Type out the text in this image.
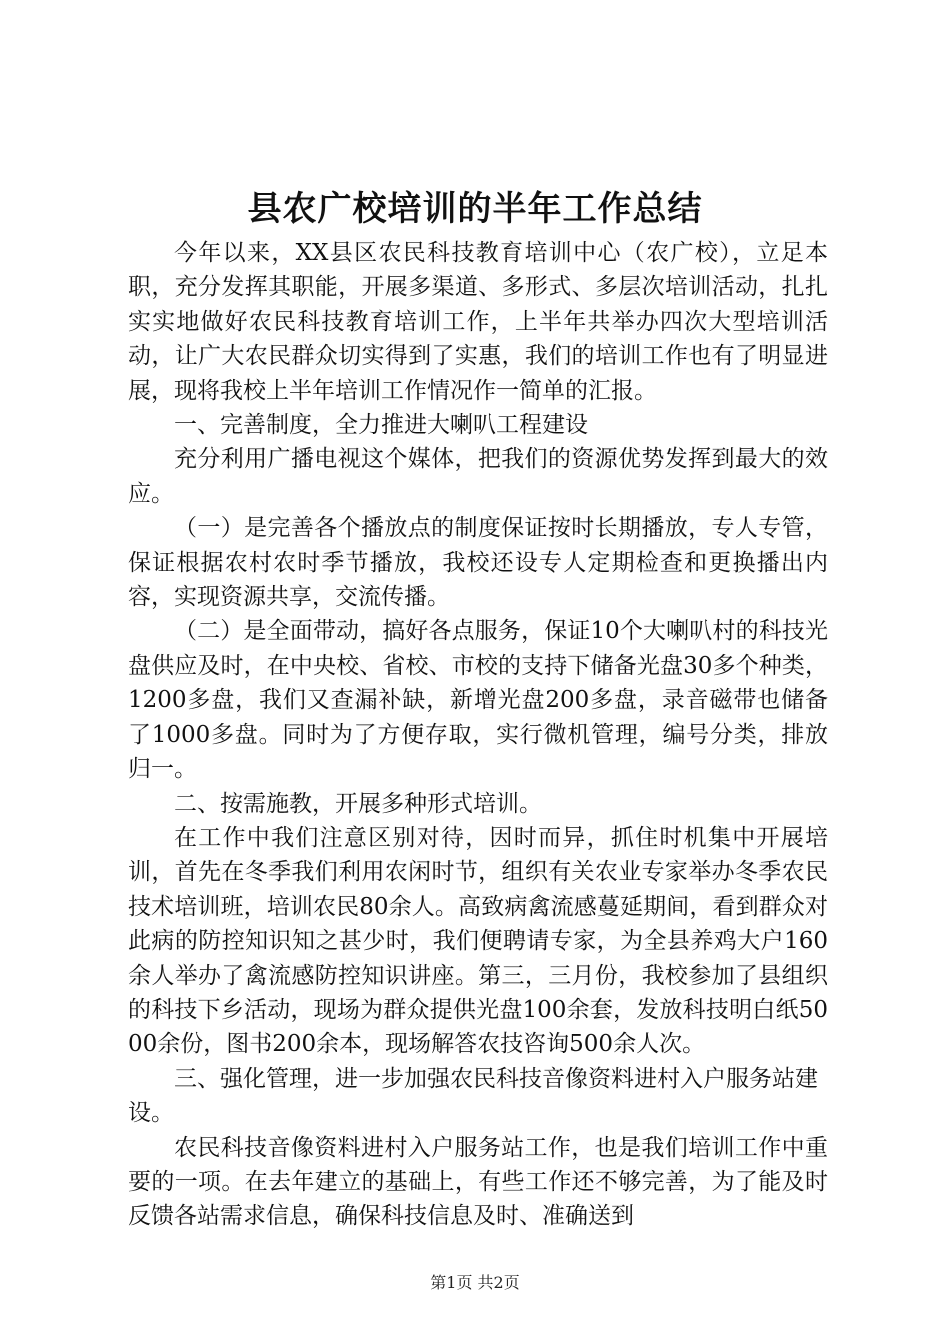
县农广校培训的半年工作总结

今年以来，XX县区农民科技教育培训中心（农广校），立足本职，充分发挥其职能，开展多渠道、多形式、多层次培训活动，扎扎实实地做好农民科技教育培训工作，上半年共举办四次大型培训活动，让广大农民群众切实得到了实惠，我们的培训工作也有了明显进展，现将我校上半年培训工作情况作一简单的汇报。

一、完善制度，全力推进大喇叭工程建设

充分利用广播电视这个媒体，把我们的资源优势发挥到最大的效应。

（一）是完善各个播放点的制度保证按时长期播放，专人专管，保证根据农村农时季节播放，我校还设专人定期检查和更换播出内容，实现资源共享，交流传播。

（二）是全面带动，搞好各点服务，保证10个大喇叭村的科技光盘供应及时，在中央校、省校、市校的支持下储备光盘30多个种类，1200多盘，我们又查漏补缺，新增光盘200多盘，录音磁带也储备了1000多盘。同时为了方便存取，实行微机管理，编号分类，排放归一。

二、按需施教，开展多种形式培训。

在工作中我们注意区别对待，因时而异，抓住时机集中开展培训，首先在冬季我们利用农闲时节，组织有关农业专家举办冬季农民技术培训班，培训农民80余人。高致病禽流感蔓延期间，看到群众对此病的防控知识知之甚少时，我们便聘请专家，为全县养鸡大户160余人举办了禽流感防控知识讲座。第三，三月份，我校参加了县组织的科技下乡活动，现场为群众提供光盘100余套，发放科技明白纸5000余份，图书200余本，现场解答农技咨询500余人次。

三、强化管理，进一步加强农民科技音像资料进村入户服务站建设。

农民科技音像资料进村入户服务站工作，也是我们培训工作中重要的一项。在去年建立的基础上，有些工作还不够完善，为了能及时反馈各站需求信息，确保科技信息及时、准确送到

第1页 共2页
